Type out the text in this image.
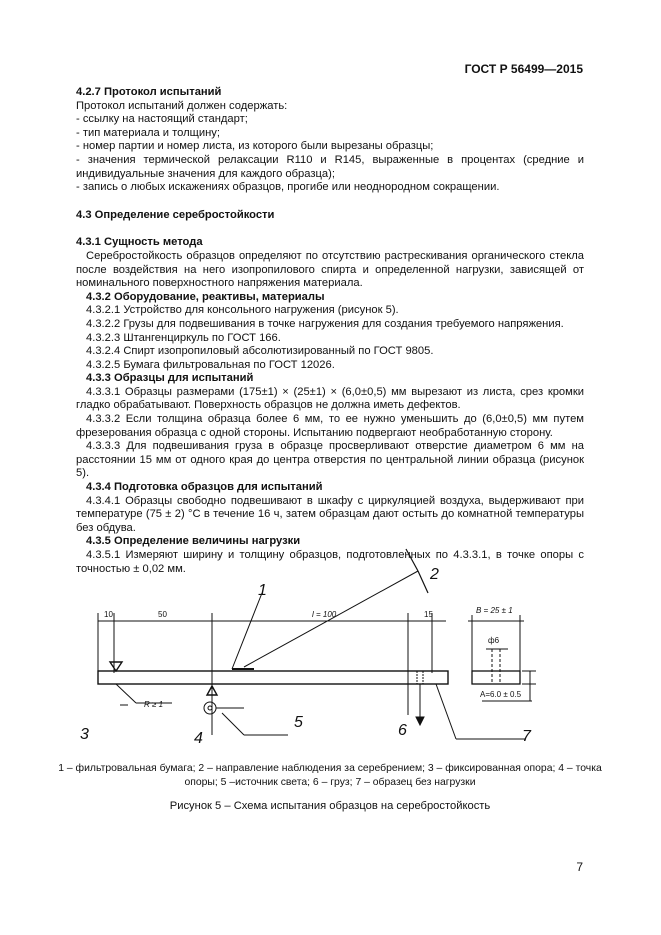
ГОСТ Р 56499—2015

4.2.7 Протокол испытаний

Протокол испытаний должен содержать:

- ссылку на настоящий стандарт;

- тип материала и толщину;

- номер партии и номер листа, из которого были вырезаны образцы;

- значения термической релаксации R110 и R145, выраженные в процентах (средние и индивидуальные значения для каждого образца);

- запись о любых искажениях образцов, прогибе или неоднородном сокращении.

4.3 Определение серебростойкости

4.3.1 Сущность метода

Серебростойкость образцов определяют по отсутствию растрескивания органического стекла после воздействия на него изопропилового спирта и определенной нагрузки, зависящей от номинального поверхностного напряжения материала.

4.3.2 Оборудование, реактивы, материалы

4.3.2.1 Устройство для консольного нагружения (рисунок 5).

4.3.2.2 Грузы для подвешивания в точке нагружения для создания требуемого напряжения.

4.3.2.3 Штангенциркуль по ГОСТ 166.

4.3.2.4 Спирт изопропиловый абсолютизированный по ГОСТ 9805.

4.3.2.5 Бумага фильтровальная по ГОСТ 12026.

4.3.3 Образцы для испытаний

4.3.3.1 Образцы размерами (175±1) × (25±1) × (6,0±0,5) мм вырезают из листа, срез кромки гладко обрабатывают. Поверхность образцов не должна иметь дефектов.

4.3.3.2 Если толщина образца более 6 мм, то ее нужно уменьшить до (6,0±0,5) мм путем фрезерования образца с одной стороны. Испытанию подвергают необработанную сторону.

4.3.3.3 Для подвешивания груза в образце просверливают отверстие диаметром 6 мм на расстоянии 15 мм от одного края до центра отверстия по центральной линии образца (рисунок 5).

4.3.4 Подготовка образцов для испытаний

4.3.4.1 Образцы свободно подвешивают в шкафу с циркуляцией воздуха, выдерживают при температуре (75 ± 2) °C в течение 16 ч, затем образцам дают остыть до комнатной температуры без обдува.

4.3.5 Определение величины нагрузки

4.3.5.1 Измеряют ширину и толщину образцов, подготовленных по 4.3.3.1, в точке опоры с точностью ± 0,02 мм.

10	50	l = 100	15	B = 25 ± 1
ф6
A=6.0 ± 0.5
R ≥ 1
1
2
3	4
5	6	7
1 – фильтровальная бумага; 2 – направление наблюдения за серебрением; 3 – фиксированная опора; 4 – точка
опоры; 5 –источник света; 6 – груз; 7 – образец без нагрузки
Рисунок 5 – Схема испытания образцов на серебростойкость
7
